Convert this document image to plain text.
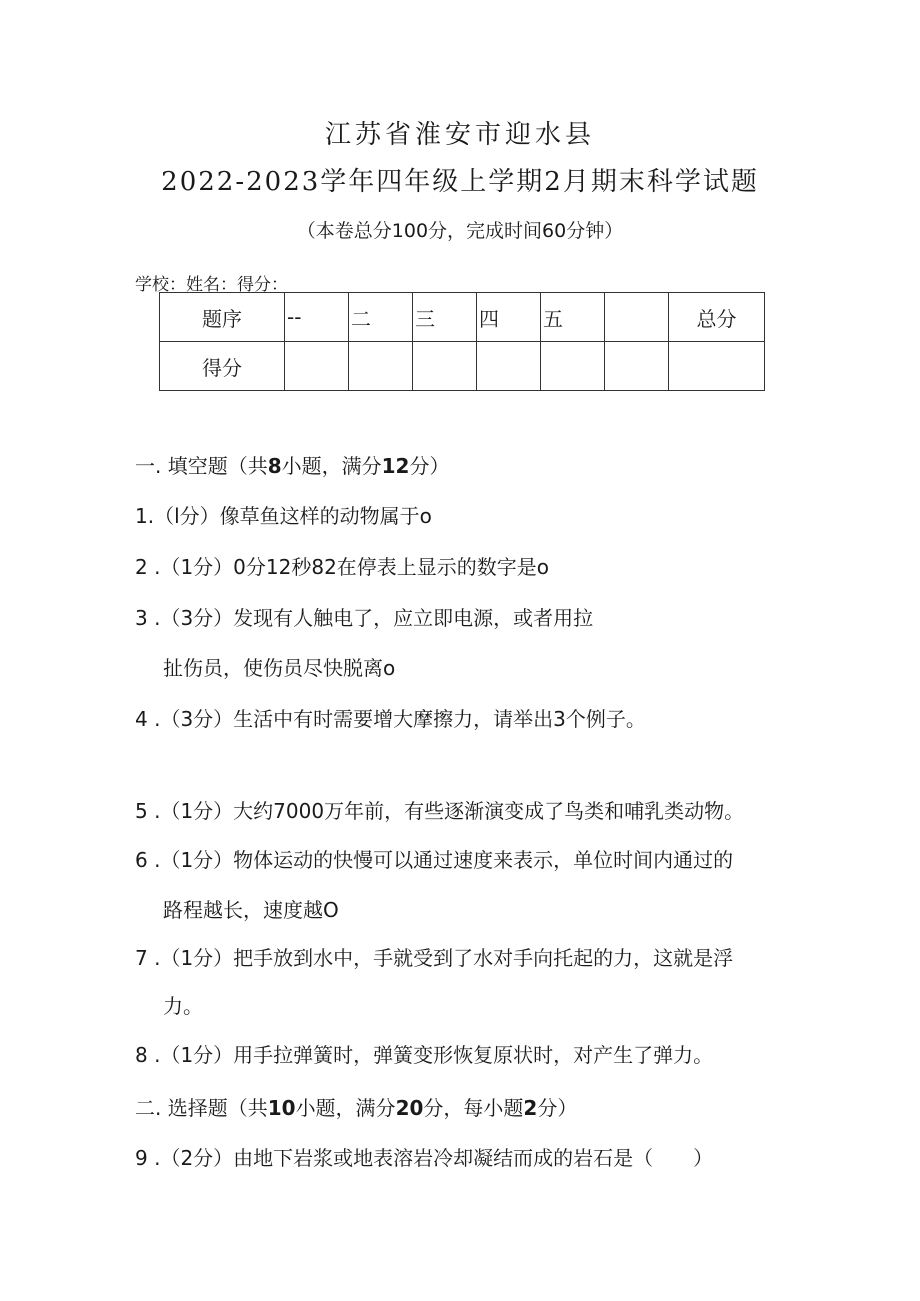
江苏省淮安市迎水县
2022-2023学年四年级上学期2月期末科学试题
（本卷总分100分，完成时间60分钟）
学校：姓名：得分：
题序	--	二	三	四	五		总分
得分							
一. 填空题（共8小题，满分12分）
1.（l分）像草鱼这样的动物属于o
2 .（1分）0分12秒82在停表上显示的数字是o
3 .（3分）发现有人触电了，应立即电源，或者用拉
扯伤员，使伤员尽快脱离o
4 .（3分）生活中有时需要增大摩擦力，请举出3个例子。
5 .（1分）大约7000万年前，有些逐渐演变成了鸟类和哺乳类动物。
6 .（1分）物体运动的快慢可以通过速度来表示，单位时间内通过的
路程越长，速度越O
7 .（1分）把手放到水中，手就受到了水对手向托起的力，这就是浮
力。
8 .（1分）用手拉弹簧时，弹簧变形恢复原状时，对产生了弹力。
二. 选择题（共10小题，满分20分，每小题2分）
9 .（2分）由地下岩浆或地表溶岩冷却凝结而成的岩石是（　　）
